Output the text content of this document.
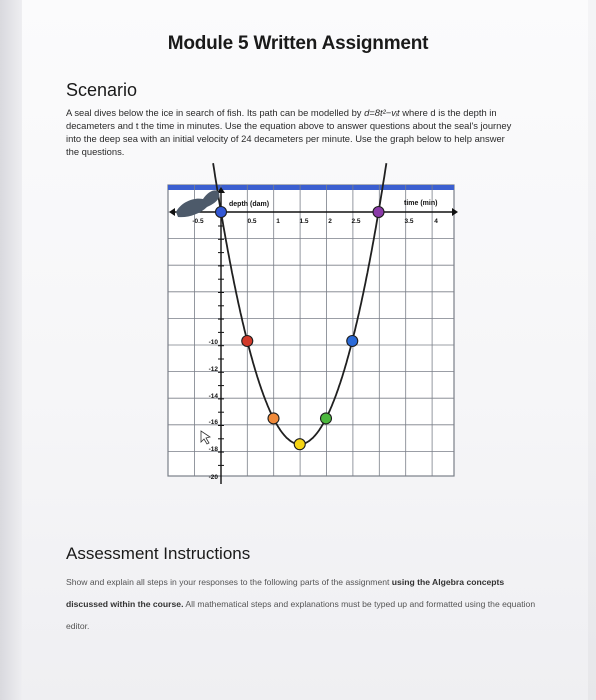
Module 5 Written Assignment
Scenario
A seal dives below the ice in search of fish. Its path can be modelled by d=8t²−vᵢt where d is the depth in decameters and t the time in minutes. Use the equation above to answer questions about the seal's journey into the deep sea with an initial velocity of 24 decameters per minute. Use the graph below to help answer the questions.
depth (dam)	time (min)
-0.5	0.5	1	1.5	2	2.5	3.5	4
-10
-12
-14
-16
-18
-20
Assessment Instructions
Show and explain all steps in your responses to the following parts of the assignment using the Algebra concepts discussed within the course. All mathematical steps and explanations must be typed up and formatted using the equation editor.
